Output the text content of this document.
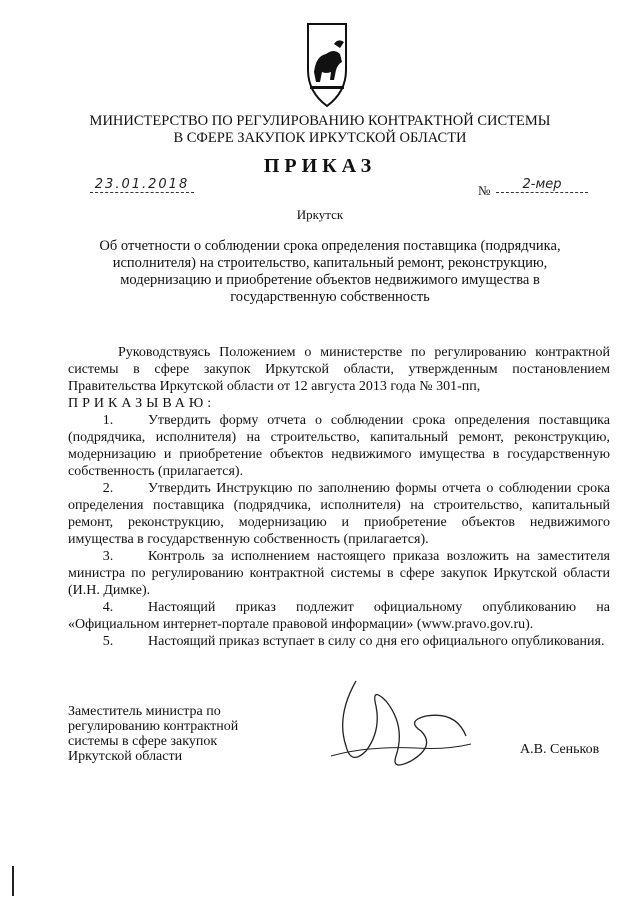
МИНИСТЕРСТВО ПО РЕГУЛИРОВАНИЮ КОНТРАКТНОЙ СИСТЕМЫ
В СФЕРЕ ЗАКУПОК ИРКУТСКОЙ ОБЛАСТИ
ПРИКАЗ
23.01.2018	№	2-мер
Иркутск
Об отчетности о соблюдении срока определения поставщика (подрядчика, исполнителя) на строительство, капитальный ремонт, реконструкцию, модернизацию и приобретение объектов недвижимого имущества в государственную собственность

Руководствуясь Положением о министерстве по регулированию контрактной системы в сфере закупок Иркутской области, утвержденным постановлением Правительства Иркутской области от 12 августа 2013 года № 301-пп,

ПРИКАЗЫВАЮ:

1. Утвердить форму отчета о соблюдении срока определения поставщика (подрядчика, исполнителя) на строительство, капитальный ремонт, реконструкцию, модернизацию и приобретение объектов недвижимого имущества в государственную собственность (прилагается).

2. Утвердить Инструкцию по заполнению формы отчета о соблюдении срока определения поставщика (подрядчика, исполнителя) на строительство, капитальный ремонт, реконструкцию, модернизацию и приобретение объектов недвижимого имущества в государственную собственность (прилагается).

3. Контроль за исполнением настоящего приказа возложить на заместителя министра по регулированию контрактной системы в сфере закупок Иркутской области (И.Н. Димке).

4. Настоящий приказ подлежит официальному опубликованию на «Официальном интернет-портале правовой информации» (www.pravo.gov.ru).

5. Настоящий приказ вступает в силу со дня его официального опубликования.

Заместитель министра по
регулированию контрактной
системы в сфере закупок
Иркутской области	А.В. Сеньков
